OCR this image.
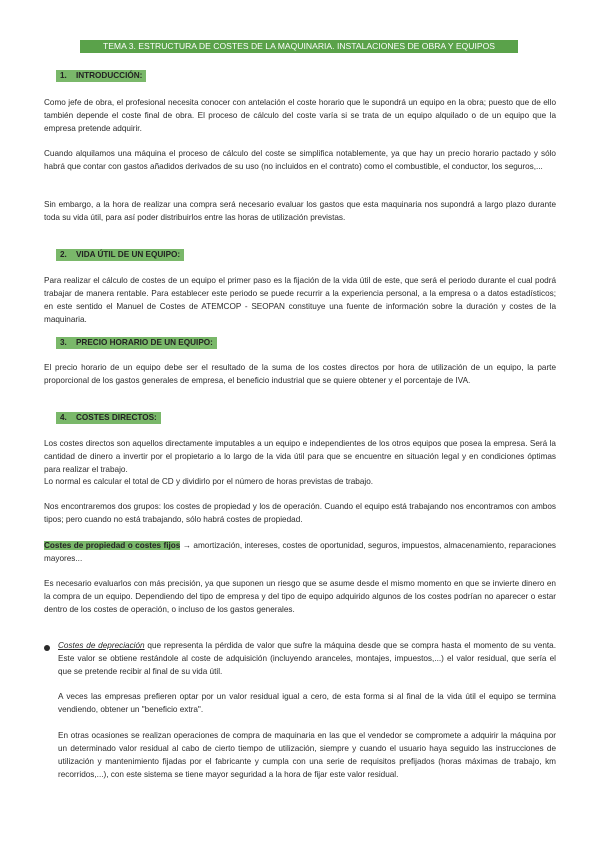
TEMA 3. ESTRUCTURA DE COSTES DE LA MAQUINARIA. INSTALACIONES DE OBRA Y EQUIPOS
1. INTRODUCCIÓN:

Como jefe de obra, el profesional necesita conocer con antelación el coste horario que le supondrá un equipo en la obra; puesto que de ello también depende el coste final de obra. El proceso de cálculo del coste varía si se trata de un equipo alquilado o de un equipo que la empresa pretende adquirir.

Cuando alquilamos una máquina el proceso de cálculo del coste se simplifica notablemente, ya que hay un precio horario pactado y sólo habrá que contar con gastos añadidos derivados de su uso (no incluidos en el contrato) como el combustible, el conductor, los seguros,...

Sin embargo, a la hora de realizar una compra será necesario evaluar los gastos que esta maquinaria nos supondrá a largo plazo durante toda su vida útil, para así poder distribuirlos entre las horas de utilización previstas.

2. VIDA ÚTIL DE UN EQUIPO:

Para realizar el cálculo de costes de un equipo el primer paso es la fijación de la vida útil de este, que será el periodo durante el cual podrá trabajar de manera rentable. Para establecer este periodo se puede recurrir a la experiencia personal, a la empresa o a datos estadísticos; en este sentido el Manuel de Costes de ATEMCOP - SEOPAN constituye una fuente de información sobre la duración y costes de la maquinaria.

3. PRECIO HORARIO DE UN EQUIPO:

El precio horario de un equipo debe ser el resultado de la suma de los costes directos por hora de utilización de un equipo, la parte proporcional de los gastos generales de empresa, el beneficio industrial que se quiere obtener y el porcentaje de IVA.

4. COSTES DIRECTOS:

Los costes directos son aquellos directamente imputables a un equipo e independientes de los otros equipos que posea la empresa. Será la cantidad de dinero a invertir por el propietario a lo largo de la vida útil para que se encuentre en situación legal y en condiciones óptimas para realizar el trabajo.

Lo normal es calcular el total de CD y dividirlo por el número de horas previstas de trabajo.

Nos encontraremos dos grupos: los costes de propiedad y los de operación. Cuando el equipo está trabajando nos encontramos con ambos tipos; pero cuando no está trabajando, sólo habrá costes de propiedad.

Costes de propiedad o costes fijos → amortización, intereses, costes de oportunidad, seguros, impuestos, almacenamiento, reparaciones mayores...

Es necesario evaluarlos con más precisión, ya que suponen un riesgo que se asume desde el mismo momento en que se invierte dinero en la compra de un equipo. Dependiendo del tipo de empresa y del tipo de equipo adquirido algunos de los costes podrían no aparecer o estar dentro de los costes de operación, o incluso de los gastos generales.

Costes de depreciación que representa la pérdida de valor que sufre la máquina desde que se compra hasta el momento de su venta. Este valor se obtiene restándole al coste de adquisición (incluyendo aranceles, montajes, impuestos,...) el valor residual, que sería el que se pretende recibir al final de su vida útil.

A veces las empresas prefieren optar por un valor residual igual a cero, de esta forma si al final de la vida útil el equipo se termina vendiendo, obtener un "beneficio extra".

En otras ocasiones se realizan operaciones de compra de maquinaria en las que el vendedor se compromete a adquirir la máquina por un determinado valor residual al cabo de cierto tiempo de utilización, siempre y cuando el usuario haya seguido las instrucciones de utilización y mantenimiento fijadas por el fabricante y cumpla con una serie de requisitos prefijados (horas máximas de trabajo, km recorridos,...), con este sistema se tiene mayor seguridad a la hora de fijar este valor residual.
